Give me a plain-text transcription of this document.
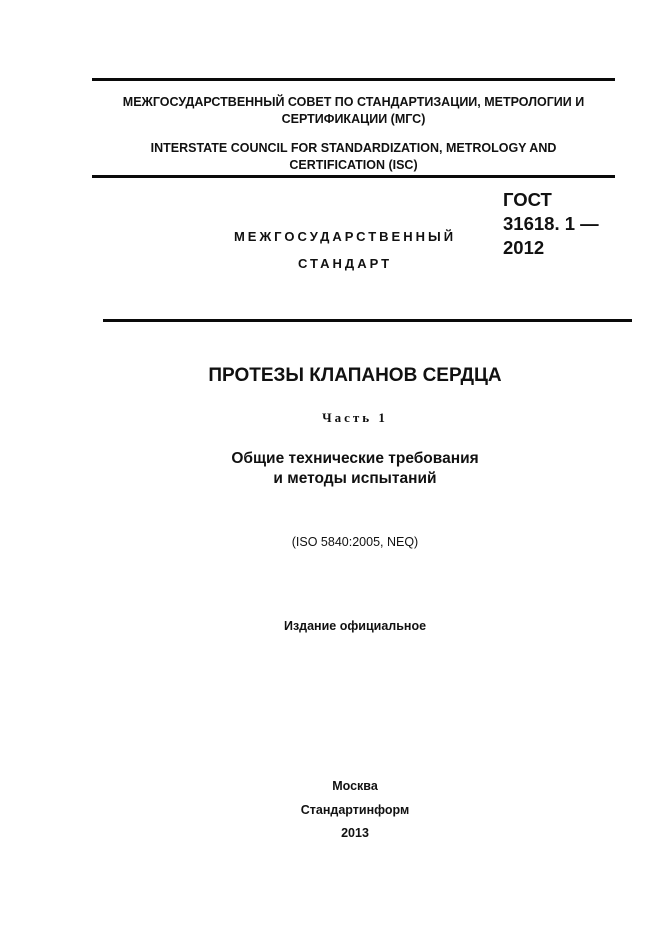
МЕЖГОСУДАРСТВЕННЫЙ СОВЕТ ПО СТАНДАРТИЗАЦИИ, МЕТРОЛОГИИ И
СЕРТИФИКАЦИИ (МГС)
INTERSTATE COUNCIL FOR STANDARDIZATION, METROLOGY AND
CERTIFICATION (ISC)
МЕЖГОСУДАРСТВЕННЫЙ
СТАНДАРТ
ГОСТ
31618. 1 —
2012
ПРОТЕЗЫ КЛАПАНОВ СЕРДЦА
Часть 1
Общие технические требования
и методы испытаний
(ISO 5840:2005, NEQ)
Издание официальное
Москва
Стандартинформ
2013
